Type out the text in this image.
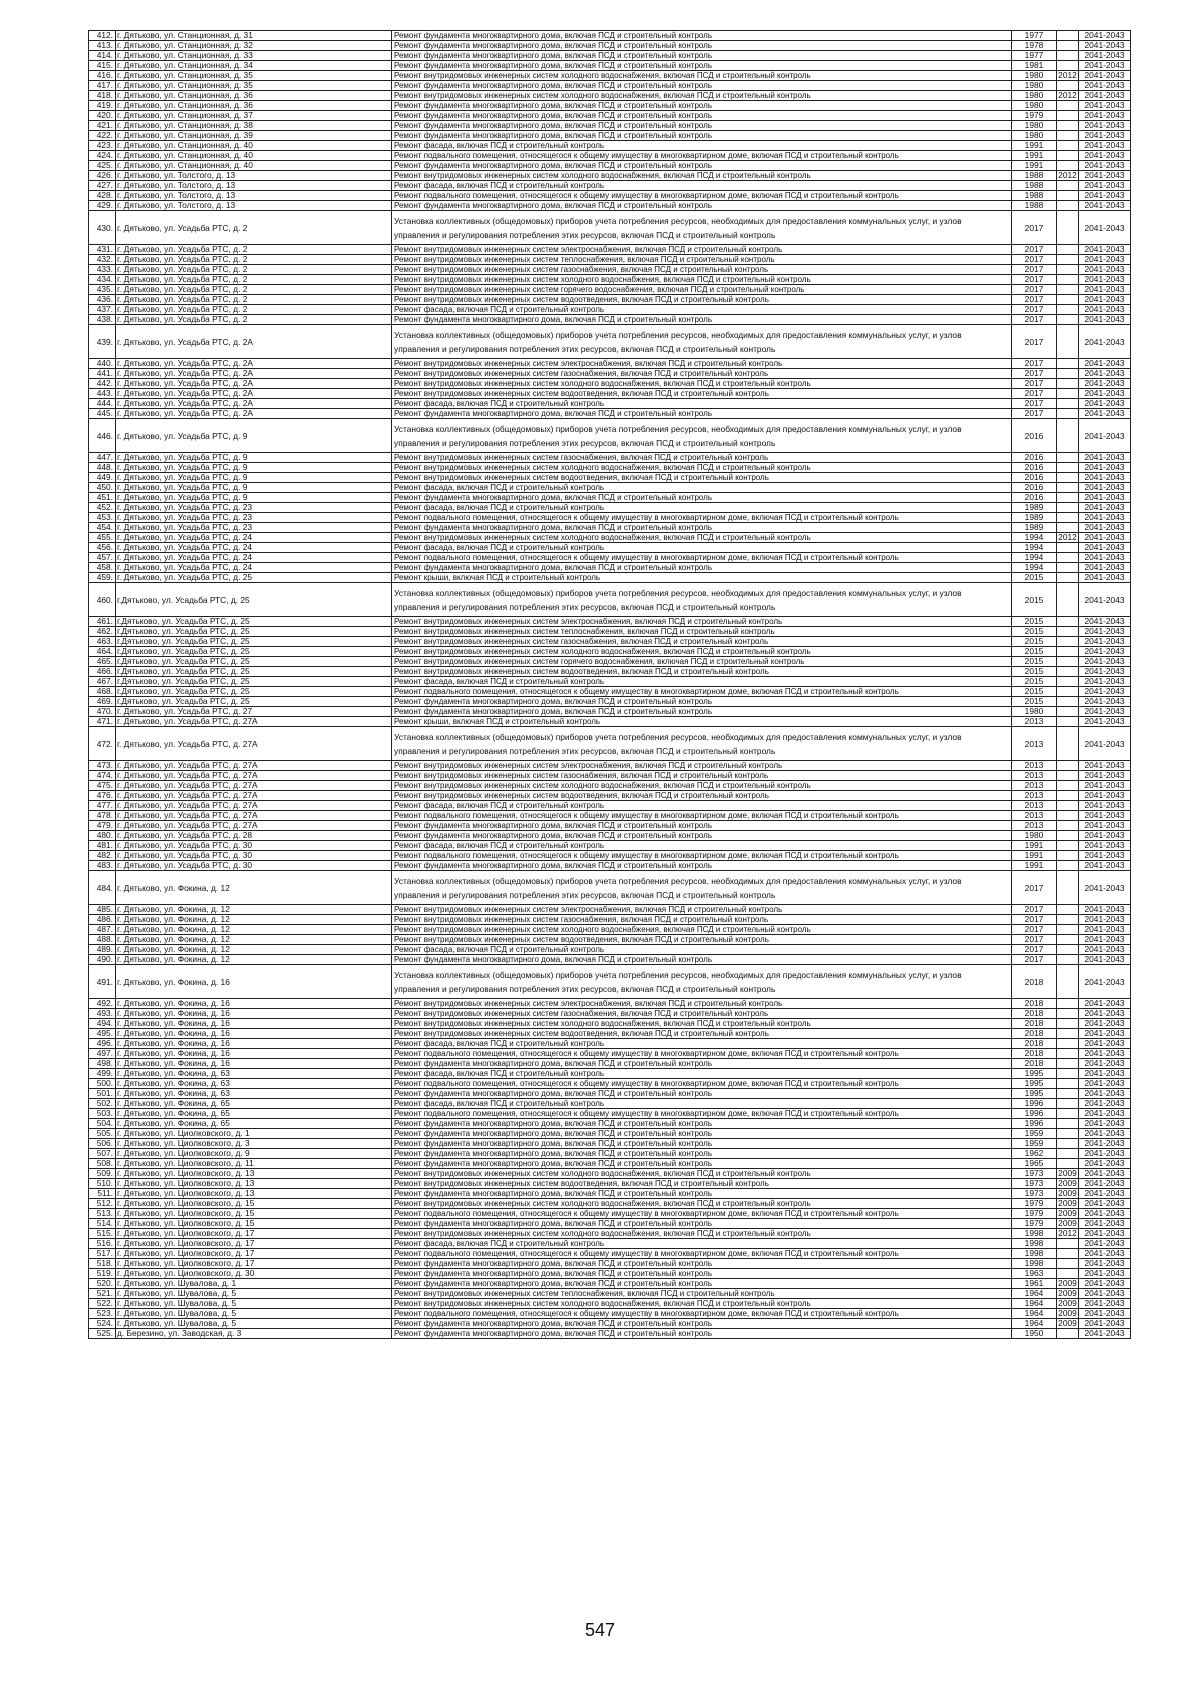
412.	г. Дятьково, ул. Станционная, д. 31	Ремонт фундамента многоквартирного дома, включая ПСД и строительный контроль	1977		2041-2043	
413.	г. Дятьково, ул. Станционная, д. 32	Ремонт фундамента многоквартирного дома, включая ПСД и строительный контроль	1978		2041-2043	
414.	г. Дятьково, ул. Станционная, д. 33	Ремонт фундамента многоквартирного дома, включая ПСД и строительный контроль	1977		2041-2043	
415.	г. Дятьково, ул. Станционная, д. 34	Ремонт фундамента многоквартирного дома, включая ПСД и строительный контроль	1981		2041-2043	
416.	г. Дятьково, ул. Станционная, д. 35	Ремонт внутридомовых инженерных систем холодного водоснабжения, включая ПСД и строительный контроль	1980	2012	2041-2043	
417.	г. Дятьково, ул. Станционная, д. 35	Ремонт фундамента многоквартирного дома, включая ПСД и строительный контроль	1980		2041-2043	
418.	г. Дятьково, ул. Станционная, д. 36	Ремонт внутридомовых инженерных систем холодного водоснабжения, включая ПСД и строительный контроль	1980	2012	2041-2043	
419.	г. Дятьково, ул. Станционная, д. 36	Ремонт фундамента многоквартирного дома, включая ПСД и строительный контроль	1980		2041-2043	
420.	г. Дятьково, ул. Станционная, д. 37	Ремонт фундамента многоквартирного дома, включая ПСД и строительный контроль	1979		2041-2043	
421.	г. Дятьково, ул. Станционная, д. 38	Ремонт фундамента многоквартирного дома, включая ПСД и строительный контроль	1980		2041-2043	
422.	г. Дятьково, ул. Станционная, д. 39	Ремонт фундамента многоквартирного дома, включая ПСД и строительный контроль	1980		2041-2043	
423.	г. Дятьково, ул. Станционная, д. 40	Ремонт фасада, включая ПСД и строительный контроль	1991		2041-2043	
424.	г. Дятьково, ул. Станционная, д. 40	Ремонт подвального помещения, относящегося к общему имуществу в многоквартирном доме, включая ПСД и строительный контроль	1991		2041-2043	
425.	г. Дятьково, ул. Станционная, д. 40	Ремонт фундамента многоквартирного дома, включая ПСД и строительный контроль	1991		2041-2043	
426.	г. Дятьково, ул. Толстого, д. 13	Ремонт внутридомовых инженерных систем холодного водоснабжения, включая ПСД и строительный контроль	1988	2012	2041-2043	
427.	г. Дятьково, ул. Толстого, д. 13	Ремонт фасада, включая ПСД и строительный контроль	1988		2041-2043	
428.	г. Дятьково, ул. Толстого, д. 13	Ремонт подвального помещения, относящегося к общему имуществу в многоквартирном доме, включая ПСД и строительный контроль	1988		2041-2043	
429.	г. Дятьково, ул. Толстого, д. 13	Ремонт фундамента многоквартирного дома, включая ПСД и строительный контроль	1988		2041-2043	
430.	г. Дятьково, ул. Усадьба РТС, д. 2	Установка коллективных (общедомовых) приборов учета потребления ресурсов, необходимых для предоставления коммунальных услуг, и узлов управления и регулирования потребления этих ресурсов, включая ПСД и строительный контроль	2017		2041-2043	
431.	г. Дятьково, ул. Усадьба РТС, д. 2	Ремонт внутридомовых инженерных систем электроснабжения, включая ПСД и строительный контроль	2017		2041-2043	
432.	г. Дятьково, ул. Усадьба РТС, д. 2	Ремонт внутридомовых инженерных систем теплоснабжения, включая ПСД и строительный контроль	2017		2041-2043	
433.	г. Дятьково, ул. Усадьба РТС, д. 2	Ремонт внутридомовых инженерных систем газоснабжения, включая ПСД и строительный контроль	2017		2041-2043	
434.	г. Дятьково, ул. Усадьба РТС, д. 2	Ремонт внутридомовых инженерных систем холодного водоснабжения, включая ПСД и строительный контроль	2017		2041-2043	
435.	г. Дятьково, ул. Усадьба РТС, д. 2	Ремонт внутридомовых инженерных систем горячего водоснабжения, включая ПСД и строительный контроль	2017		2041-2043	
436.	г. Дятьково, ул. Усадьба РТС, д. 2	Ремонт внутридомовых инженерных систем водоотведения, включая ПСД и строительный контроль	2017		2041-2043	
437.	г. Дятьково, ул. Усадьба РТС, д. 2	Ремонт фасада, включая ПСД и строительный контроль	2017		2041-2043	
438.	г. Дятьково, ул. Усадьба РТС, д. 2	Ремонт фундамента многоквартирного дома, включая ПСД и строительный контроль	2017		2041-2043	
439.	г. Дятьково, ул. Усадьба РТС, д. 2А	Установка коллективных (общедомовых) приборов учета потребления ресурсов, необходимых для предоставления коммунальных услуг, и узлов управления и регулирования потребления этих ресурсов, включая ПСД и строительный контроль	2017		2041-2043	
440.	г. Дятьково, ул. Усадьба РТС, д. 2А	Ремонт внутридомовых инженерных систем электроснабжения, включая ПСД и строительный контроль	2017		2041-2043	
441.	г. Дятьково, ул. Усадьба РТС, д. 2А	Ремонт внутридомовых инженерных систем газоснабжения, включая ПСД и строительный контроль	2017		2041-2043	
442.	г. Дятьково, ул. Усадьба РТС, д. 2А	Ремонт внутридомовых инженерных систем холодного водоснабжения, включая ПСД и строительный контроль	2017		2041-2043	
443.	г. Дятьково, ул. Усадьба РТС, д. 2А	Ремонт внутридомовых инженерных систем водоотведения, включая ПСД и строительный контроль	2017		2041-2043	
444.	г. Дятьково, ул. Усадьба РТС, д. 2А	Ремонт фасада, включая ПСД и строительный контроль	2017		2041-2043	
445.	г. Дятьково, ул. Усадьба РТС, д. 2А	Ремонт фундамента многоквартирного дома, включая ПСД и строительный контроль	2017		2041-2043	
446.	г. Дятьково, ул. Усадьба РТС, д. 9	Установка коллективных (общедомовых) приборов учета потребления ресурсов, необходимых для предоставления коммунальных услуг, и узлов управления и регулирования потребления этих ресурсов, включая ПСД и строительный контроль	2016		2041-2043	
447.	г. Дятьково, ул. Усадьба РТС, д. 9	Ремонт внутридомовых инженерных систем газоснабжения, включая ПСД и строительный контроль	2016		2041-2043	
448.	г. Дятьково, ул. Усадьба РТС, д. 9	Ремонт внутридомовых инженерных систем холодного водоснабжения, включая ПСД и строительный контроль	2016		2041-2043	
449.	г. Дятьково, ул. Усадьба РТС, д. 9	Ремонт внутридомовых инженерных систем водоотведения, включая ПСД и строительный контроль	2016		2041-2043	
450.	г. Дятьково, ул. Усадьба РТС, д. 9	Ремонт фасада, включая ПСД и строительный контроль	2016		2041-2043	
451.	г. Дятьково, ул. Усадьба РТС, д. 9	Ремонт фундамента многоквартирного дома, включая ПСД и строительный контроль	2016		2041-2043	
452.	г. Дятьково, ул. Усадьба РТС, д. 23	Ремонт фасада, включая ПСД и строительный контроль	1989		2041-2043	
453.	г. Дятьково, ул. Усадьба РТС, д. 23	Ремонт подвального помещения, относящегося к общему имуществу в многоквартирном доме, включая ПСД и строительный контроль	1989		2041-2043	
454.	г. Дятьково, ул. Усадьба РТС, д. 23	Ремонт фундамента многоквартирного дома, включая ПСД и строительный контроль	1989		2041-2043	
455.	г. Дятьково, ул. Усадьба РТС, д. 24	Ремонт внутридомовых инженерных систем холодного водоснабжения, включая ПСД и строительный контроль	1994	2012	2041-2043	
456.	г. Дятьково, ул. Усадьба РТС, д. 24	Ремонт фасада, включая ПСД и строительный контроль	1994		2041-2043	
457.	г. Дятьково, ул. Усадьба РТС, д. 24	Ремонт подвального помещения, относящегося к общему имуществу в многоквартирном доме, включая ПСД и строительный контроль	1994		2041-2043	
458.	г. Дятьково, ул. Усадьба РТС, д. 24	Ремонт фундамента многоквартирного дома, включая ПСД и строительный контроль	1994		2041-2043	
459.	г. Дятьково, ул. Усадьба РТС, д. 25	Ремонт крыши, включая ПСД и строительный контроль	2015		2041-2043	
460.	г.Дятьково, ул. Усадьба РТС, д. 25	Установка коллективных (общедомовых) приборов учета потребления ресурсов, необходимых для предоставления коммунальных услуг, и узлов управления и регулирования потребления этих ресурсов, включая ПСД и строительный контроль	2015		2041-2043	
461.	г.Дятьково, ул. Усадьба РТС, д. 25	Ремонт внутридомовых инженерных систем электроснабжения, включая ПСД и строительный контроль	2015		2041-2043	
462.	г.Дятьково, ул. Усадьба РТС, д. 25	Ремонт внутридомовых инженерных систем теплоснабжения, включая ПСД и строительный контроль	2015		2041-2043	
463.	г.Дятьково, ул. Усадьба РТС, д. 25	Ремонт внутридомовых инженерных систем газоснабжения, включая ПСД и строительный контроль	2015		2041-2043	
464.	г.Дятьково, ул. Усадьба РТС, д. 25	Ремонт внутридомовых инженерных систем холодного водоснабжения, включая ПСД и строительный контроль	2015		2041-2043	
465.	г.Дятьково, ул. Усадьба РТС, д. 25	Ремонт внутридомовых инженерных систем горячего водоснабжения, включая ПСД и строительный контроль	2015		2041-2043	
466.	г.Дятьково, ул. Усадьба РТС, д. 25	Ремонт внутридомовых инженерных систем водоотведения, включая ПСД и строительный контроль	2015		2041-2043	
467.	г.Дятьково, ул. Усадьба РТС, д. 25	Ремонт фасада, включая ПСД и строительный контроль	2015		2041-2043	
468.	г.Дятьково, ул. Усадьба РТС, д. 25	Ремонт подвального помещения, относящегося к общему имуществу в многоквартирном доме, включая ПСД и строительный контроль	2015		2041-2043	
469.	г.Дятьково, ул. Усадьба РТС, д. 25	Ремонт фундамента многоквартирного дома, включая ПСД и строительный контроль	2015		2041-2043	
470.	г. Дятьково, ул. Усадьба РТС, д. 27	Ремонт фундамента многоквартирного дома, включая ПСД и строительный контроль	1980		2041-2043	
471.	г. Дятьково, ул. Усадьба РТС, д. 27А	Ремонт крыши, включая ПСД и строительный контроль	2013		2041-2043	
472.	г. Дятьково, ул. Усадьба РТС, д. 27А	Установка коллективных (общедомовых) приборов учета потребления ресурсов, необходимых для предоставления коммунальных услуг, и узлов управления и регулирования потребления этих ресурсов, включая ПСД и строительный контроль	2013		2041-2043	
473.	г. Дятьково, ул. Усадьба РТС, д. 27А	Ремонт внутридомовых инженерных систем электроснабжения, включая ПСД и строительный контроль	2013		2041-2043	
474.	г. Дятьково, ул. Усадьба РТС, д. 27А	Ремонт внутридомовых инженерных систем газоснабжения, включая ПСД и строительный контроль	2013		2041-2043	
475.	г. Дятьково, ул. Усадьба РТС, д. 27А	Ремонт внутридомовых инженерных систем холодного водоснабжения, включая ПСД и строительный контроль	2013		2041-2043	
476.	г. Дятьково, ул. Усадьба РТС, д. 27А	Ремонт внутридомовых инженерных систем водоотведения, включая ПСД и строительный контроль	2013		2041-2043	
477.	г. Дятьково, ул. Усадьба РТС, д. 27А	Ремонт фасада, включая ПСД и строительный контроль	2013		2041-2043	
478.	г. Дятьково, ул. Усадьба РТС, д. 27А	Ремонт подвального помещения, относящегося к общему имуществу в многоквартирном доме, включая ПСД и строительный контроль	2013		2041-2043	
479.	г. Дятьково, ул. Усадьба РТС, д. 27А	Ремонт фундамента многоквартирного дома, включая ПСД и строительный контроль	2013		2041-2043	
480.	г. Дятьково, ул. Усадьба РТС, д. 28	Ремонт фундамента многоквартирного дома, включая ПСД и строительный контроль	1980		2041-2043	
481.	г. Дятьково, ул. Усадьба РТС, д. 30	Ремонт фасада, включая ПСД и строительный контроль	1991		2041-2043	
482.	г. Дятьково, ул. Усадьба РТС, д. 30	Ремонт подвального помещения, относящегося к общему имуществу в многоквартирном доме, включая ПСД и строительный контроль	1991		2041-2043	
483.	г. Дятьково, ул. Усадьба РТС, д. 30	Ремонт фундамента многоквартирного дома, включая ПСД и строительный контроль	1991		2041-2043	
484.	г. Дятьково, ул. Фокина, д. 12	Установка коллективных (общедомовых) приборов учета потребления ресурсов, необходимых для предоставления коммунальных услуг, и узлов управления и регулирования потребления этих ресурсов, включая ПСД и строительный контроль	2017		2041-2043	
485.	г. Дятьково, ул. Фокина, д. 12	Ремонт внутридомовых инженерных систем электроснабжения, включая ПСД и строительный контроль	2017		2041-2043	
486.	г. Дятьково, ул. Фокина, д. 12	Ремонт внутридомовых инженерных систем газоснабжения, включая ПСД и строительный контроль	2017		2041-2043	
487.	г. Дятьково, ул. Фокина, д. 12	Ремонт внутридомовых инженерных систем холодного водоснабжения, включая ПСД и строительный контроль	2017		2041-2043	
488.	г. Дятьково, ул. Фокина, д. 12	Ремонт внутридомовых инженерных систем водоотведения, включая ПСД и строительный контроль	2017		2041-2043	
489.	г. Дятьково, ул. Фокина, д. 12	Ремонт фасада, включая ПСД и строительный контроль	2017		2041-2043	
490.	г. Дятьково, ул. Фокина, д. 12	Ремонт фундамента многоквартирного дома, включая ПСД и строительный контроль	2017		2041-2043	
491.	г. Дятьково, ул. Фокина, д. 16	Установка коллективных (общедомовых) приборов учета потребления ресурсов, необходимых для предоставления коммунальных услуг, и узлов управления и регулирования потребления этих ресурсов, включая ПСД и строительный контроль	2018		2041-2043	
492.	г. Дятьково, ул. Фокина, д. 16	Ремонт внутридомовых инженерных систем электроснабжения, включая ПСД и строительный контроль	2018		2041-2043	
493.	г. Дятьково, ул. Фокина, д. 16	Ремонт внутридомовых инженерных систем газоснабжения, включая ПСД и строительный контроль	2018		2041-2043	
494.	г. Дятьково, ул. Фокина, д. 16	Ремонт внутридомовых инженерных систем холодного водоснабжения, включая ПСД и строительный контроль	2018		2041-2043	
495.	г. Дятьково, ул. Фокина, д. 16	Ремонт внутридомовых инженерных систем водоотведения, включая ПСД и строительный контроль	2018		2041-2043	
496.	г. Дятьково, ул. Фокина, д. 16	Ремонт фасада, включая ПСД и строительный контроль	2018		2041-2043	
497.	г. Дятьково, ул. Фокина, д. 16	Ремонт подвального помещения, относящегося к общему имуществу в многоквартирном доме, включая ПСД и строительный контроль	2018		2041-2043	
498.	г. Дятьково, ул. Фокина, д. 16	Ремонт фундамента многоквартирного дома, включая ПСД и строительный контроль	2018		2041-2043	
499.	г. Дятьково, ул. Фокина, д. 63	Ремонт фасада, включая ПСД и строительный контроль	1995		2041-2043	
500.	г. Дятьково, ул. Фокина, д. 63	Ремонт подвального помещения, относящегося к общему имуществу в многоквартирном доме, включая ПСД и строительный контроль	1995		2041-2043	
501.	г. Дятьково, ул. Фокина, д. 63	Ремонт фундамента многоквартирного дома, включая ПСД и строительный контроль	1995		2041-2043	
502.	г. Дятьково, ул. Фокина, д. 65	Ремонт фасада, включая ПСД и строительный контроль	1996		2041-2043	
503.	г. Дятьково, ул. Фокина, д. 65	Ремонт подвального помещения, относящегося к общему имуществу в многоквартирном доме, включая ПСД и строительный контроль	1996		2041-2043	
504.	г. Дятьково, ул. Фокина, д. 65	Ремонт фундамента многоквартирного дома, включая ПСД и строительный контроль	1996		2041-2043	
505.	г. Дятьково, ул. Циолковского, д. 1	Ремонт фундамента многоквартирного дома, включая ПСД и строительный контроль	1959		2041-2043	
506.	г. Дятьково, ул. Циолковского, д. 3	Ремонт фундамента многоквартирного дома, включая ПСД и строительный контроль	1959		2041-2043	
507.	г. Дятьково, ул. Циолковского, д. 9	Ремонт фундамента многоквартирного дома, включая ПСД и строительный контроль	1962		2041-2043	
508.	г. Дятьково, ул. Циолковского, д. 11	Ремонт фундамента многоквартирного дома, включая ПСД и строительный контроль	1965		2041-2043	
509.	г. Дятьково, ул. Циолковского, д. 13	Ремонт внутридомовых инженерных систем холодного водоснабжения, включая ПСД и строительный контроль	1973	2009	2041-2043	
510.	г. Дятьково, ул. Циолковского, д. 13	Ремонт внутридомовых инженерных систем водоотведения, включая ПСД и строительный контроль	1973	2009	2041-2043	
511.	г. Дятьково, ул. Циолковского, д. 13	Ремонт фундамента многоквартирного дома, включая ПСД и строительный контроль	1973	2009	2041-2043	
512.	г. Дятьково, ул. Циолковского, д. 15	Ремонт внутридомовых инженерных систем холодного водоснабжения, включая ПСД и строительный контроль	1979	2009	2041-2043	
513.	г. Дятьково, ул. Циолковского, д. 15	Ремонт подвального помещения, относящегося к общему имуществу в многоквартирном доме, включая ПСД и строительный контроль	1979	2009	2041-2043	
514.	г. Дятьково, ул. Циолковского, д. 15	Ремонт фундамента многоквартирного дома, включая ПСД и строительный контроль	1979	2009	2041-2043	
515.	г. Дятьково, ул. Циолковского, д. 17	Ремонт внутридомовых инженерных систем холодного водоснабжения, включая ПСД и строительный контроль	1998	2012	2041-2043	
516.	г. Дятьково, ул. Циолковского, д. 17	Ремонт фасада, включая ПСД и строительный контроль	1998		2041-2043	
517.	г. Дятьково, ул. Циолковского, д. 17	Ремонт подвального помещения, относящегося к общему имуществу в многоквартирном доме, включая ПСД и строительный контроль	1998		2041-2043	
518.	г. Дятьково, ул. Циолковского, д. 17	Ремонт фундамента многоквартирного дома, включая ПСД и строительный контроль	1998		2041-2043	
519.	г. Дятьково, ул. Циолковского, д. 30	Ремонт фундамента многоквартирного дома, включая ПСД и строительный контроль	1963		2041-2043	
520.	г. Дятьково, ул. Шувалова, д. 1	Ремонт фундамента многоквартирного дома, включая ПСД и строительный контроль	1961	2009	2041-2043	
521.	г. Дятьково, ул. Шувалова, д. 5	Ремонт внутридомовых инженерных систем теплоснабжения, включая ПСД и строительный контроль	1964	2009	2041-2043	
522.	г. Дятьково, ул. Шувалова, д. 5	Ремонт внутридомовых инженерных систем холодного водоснабжения, включая ПСД и строительный контроль	1964	2009	2041-2043	
523.	г. Дятьково, ул. Шувалова, д. 5	Ремонт подвального помещения, относящегося к общему имуществу в многоквартирном доме, включая ПСД и строительный контроль	1964	2009	2041-2043	
524.	г. Дятьково, ул. Шувалова, д. 5	Ремонт фундамента многоквартирного дома, включая ПСД и строительный контроль	1964	2009	2041-2043	
525.	д. Березино, ул. Заводская, д. 3	Ремонт фундамента многоквартирного дома, включая ПСД и строительный контроль	1950		2041-2043	
547
